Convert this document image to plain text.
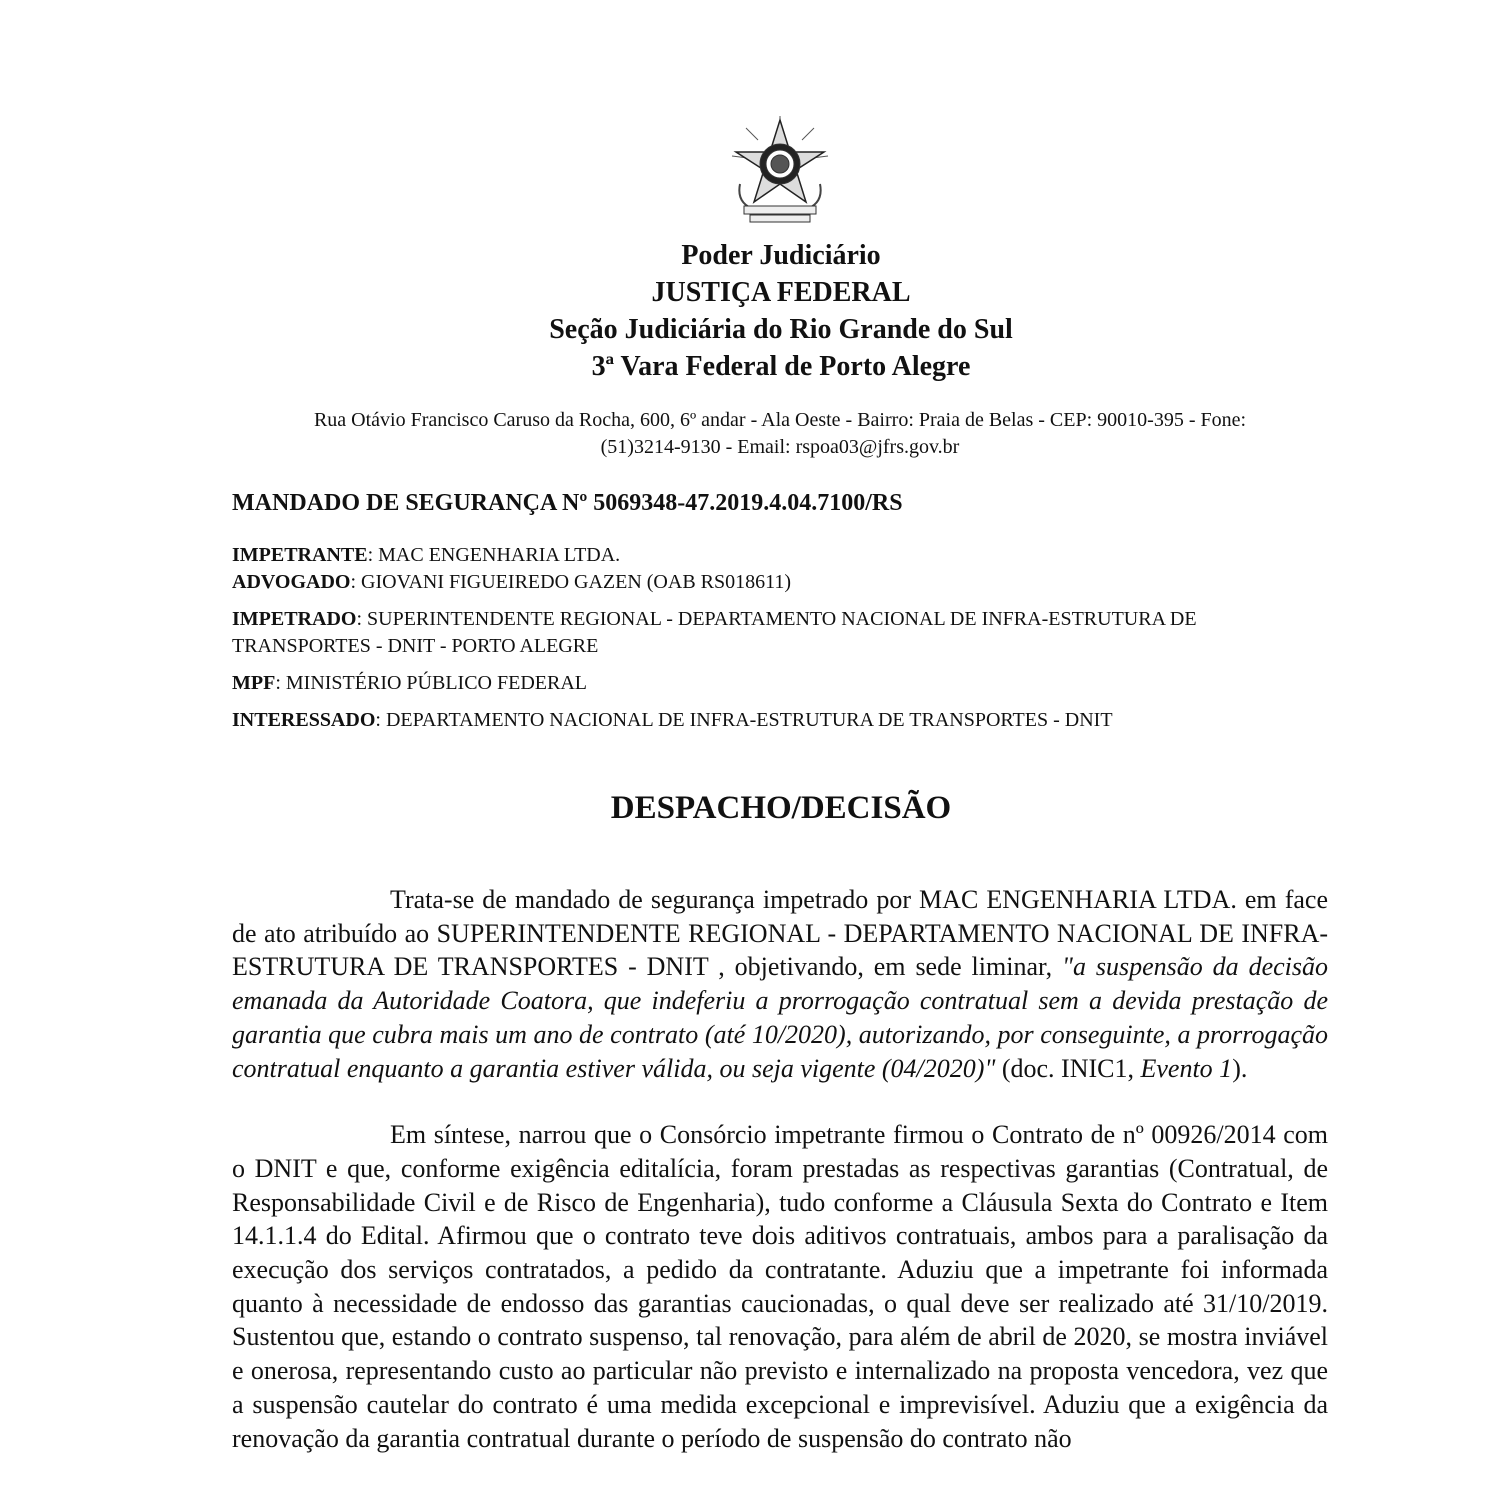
Poder Judiciário
JUSTIÇA FEDERAL
Seção Judiciária do Rio Grande do Sul
3ª Vara Federal de Porto Alegre
Rua Otávio Francisco Caruso da Rocha, 600, 6º andar - Ala Oeste - Bairro: Praia de Belas - CEP: 90010-395 - Fone:
(51)3214-9130 - Email: rspoa03@jfrs.gov.br
MANDADO DE SEGURANÇA Nº 5069348-47.2019.4.04.7100/RS

IMPETRANTE: MAC ENGENHARIA LTDA.

ADVOGADO: GIOVANI FIGUEIREDO GAZEN (OAB RS018611)

IMPETRADO: SUPERINTENDENTE REGIONAL - DEPARTAMENTO NACIONAL DE INFRA-ESTRUTURA DE TRANSPORTES - DNIT - PORTO ALEGRE

MPF: MINISTÉRIO PÚBLICO FEDERAL

INTERESSADO: DEPARTAMENTO NACIONAL DE INFRA-ESTRUTURA DE TRANSPORTES - DNIT

DESPACHO/DECISÃO

Trata-se de mandado de segurança impetrado por MAC ENGENHARIA LTDA. em face de ato atribuído ao SUPERINTENDENTE REGIONAL - DEPARTAMENTO NACIONAL DE INFRA-ESTRUTURA DE TRANSPORTES - DNIT , objetivando, em sede liminar, "a suspensão da decisão emanada da Autoridade Coatora, que indeferiu a prorrogação contratual sem a devida prestação de garantia que cubra mais um ano de contrato (até 10/2020), autorizando, por conseguinte, a prorrogação contratual enquanto a garantia estiver válida, ou seja vigente (04/2020)" (doc. INIC1, Evento 1).

Em síntese, narrou que o Consórcio impetrante firmou o Contrato de nº 00926/2014 com o DNIT e que, conforme exigência editalícia, foram prestadas as respectivas garantias (Contratual, de Responsabilidade Civil e de Risco de Engenharia), tudo conforme a Cláusula Sexta do Contrato e Item 14.1.1.4 do Edital. Afirmou que o contrato teve dois aditivos contratuais, ambos para a paralisação da execução dos serviços contratados, a pedido da contratante. Aduziu que a impetrante foi informada quanto à necessidade de endosso das garantias caucionadas, o qual deve ser realizado até 31/10/2019. Sustentou que, estando o contrato suspenso, tal renovação, para além de abril de 2020, se mostra inviável e onerosa, representando custo ao particular não previsto e internalizado na proposta vencedora, vez que a suspensão cautelar do contrato é uma medida excepcional e imprevisível. Aduziu que a exigência da renovação da garantia contratual durante o período de suspensão do contrato não
